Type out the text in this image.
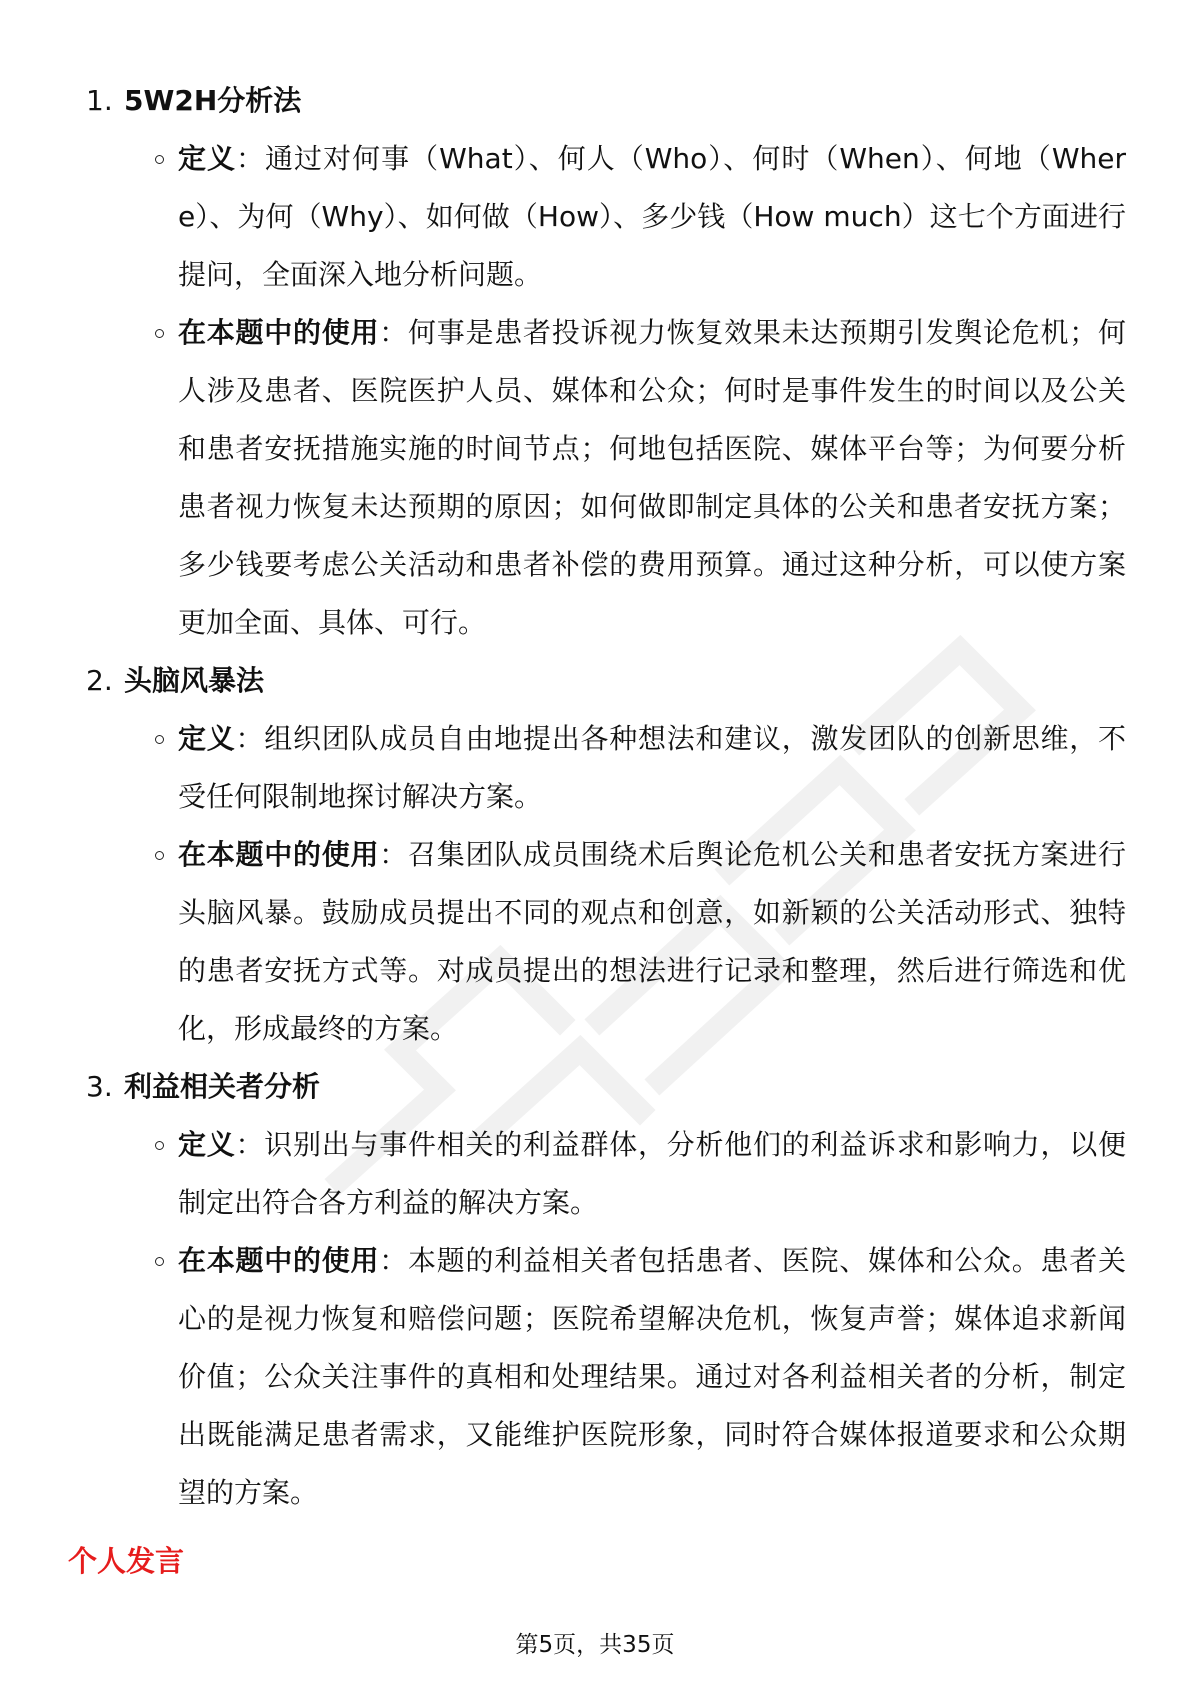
1. 5W2H分析法
定义：通过对何事（What）、何人（Who）、何时（When）、何地（Where）、为何（Why）、如何做（How）、多少钱（How much）这七个方面进行提问，全面深入地分析问题。
在本题中的使用：何事是患者投诉视力恢复效果未达预期引发舆论危机；何人涉及患者、医院医护人员、媒体和公众；何时是事件发生的时间以及公关和患者安抚措施实施的时间节点；何地包括医院、媒体平台等；为何要分析患者视力恢复未达预期的原因；如何做即制定具体的公关和患者安抚方案；多少钱要考虑公关活动和患者补偿的费用预算。通过这种分析，可以使方案更加全面、具体、可行。
2. 头脑风暴法
定义：组织团队成员自由地提出各种想法和建议，激发团队的创新思维，不受任何限制地探讨解决方案。
在本题中的使用：召集团队成员围绕术后舆论危机公关和患者安抚方案进行头脑风暴。鼓励成员提出不同的观点和创意，如新颖的公关活动形式、独特的患者安抚方式等。对成员提出的想法进行记录和整理，然后进行筛选和优化，形成最终的方案。
3. 利益相关者分析
定义：识别出与事件相关的利益群体，分析他们的利益诉求和影响力，以便制定出符合各方利益的解决方案。
在本题中的使用：本题的利益相关者包括患者、医院、媒体和公众。患者关心的是视力恢复和赔偿问题；医院希望解决危机，恢复声誉；媒体追求新闻价值；公众关注事件的真相和处理结果。通过对各利益相关者的分析，制定出既能满足患者需求，又能维护医院形象，同时符合媒体报道要求和公众期望的方案。
个人发言
第5页，共35页
